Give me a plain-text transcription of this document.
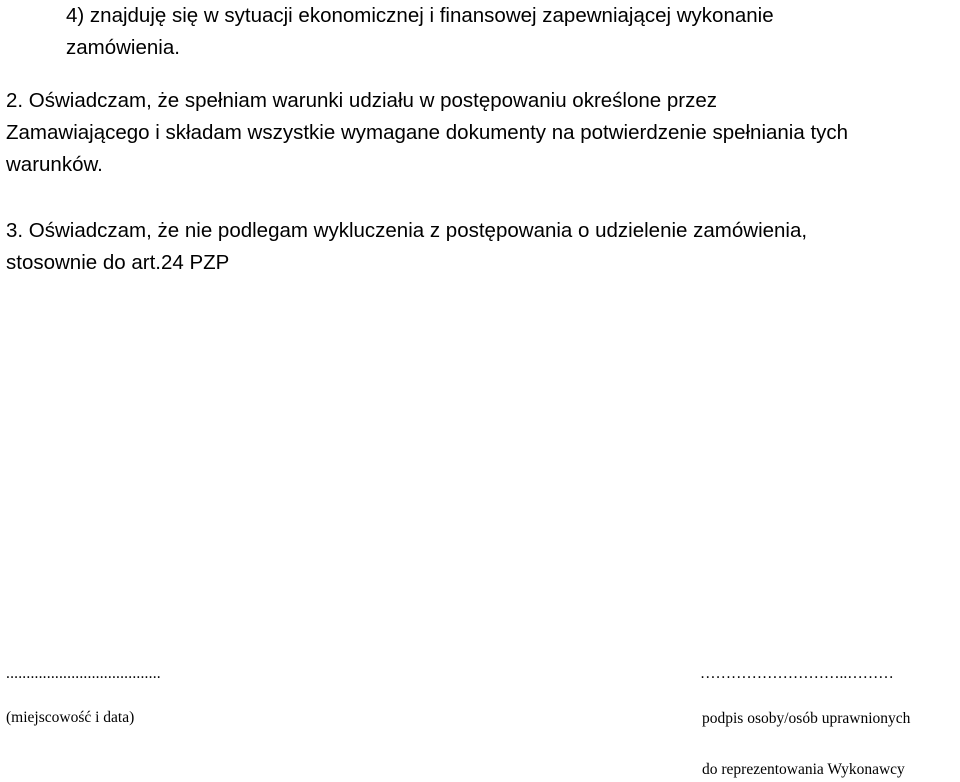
4) znajduję się w sytuacji ekonomicznej i finansowej zapewniającej wykonanie
zamówienia.
2. Oświadczam, że spełniam warunki udziału w postępowaniu określone przez
Zamawiającego i składam wszystkie wymagane dokumenty na potwierdzenie spełniania tych
warunków.
3. Oświadczam, że nie podlegam wykluczenia z postępowania o udzielenie zamówienia,
stosownie do art.24 PZP
......................................
(miejscowość i data)
………………………..………
podpis osoby/osób uprawnionych
do reprezentowania Wykonawcy
